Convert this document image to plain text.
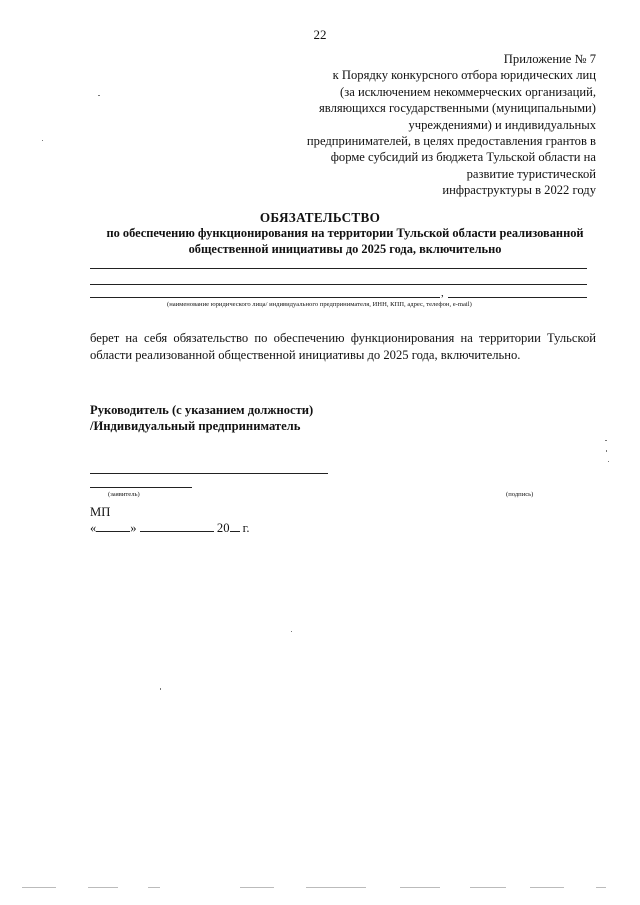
22
Приложение № 7
к Порядку конкурсного отбора юридических лиц
(за исключением некоммерческих организаций,
являющихся государственными (муниципальными)
учреждениями) и индивидуальных
предпринимателей, в целях предоставления грантов в
форме субсидий из бюджета Тульской области на
развитие туристической
инфраструктуры в 2022 году
ОБЯЗАТЕЛЬСТВО
по обеспечению функционирования на территории Тульской области реализованной
общественной инициативы до 2025 года, включительно
,
(наименование юридического лица/ индивидуального предпринимателя, ИНН, КПП, адрес, телефон, e-mail)
берет на себя обязательство по обеспечению функционирования на территории Тульской области реализованной общественной инициативы до 2025 года, включительно.
Руководитель (с указанием должности)
/Индивидуальный предприниматель
(заявитель)	(подпись)
МП
«	»	20 г.
